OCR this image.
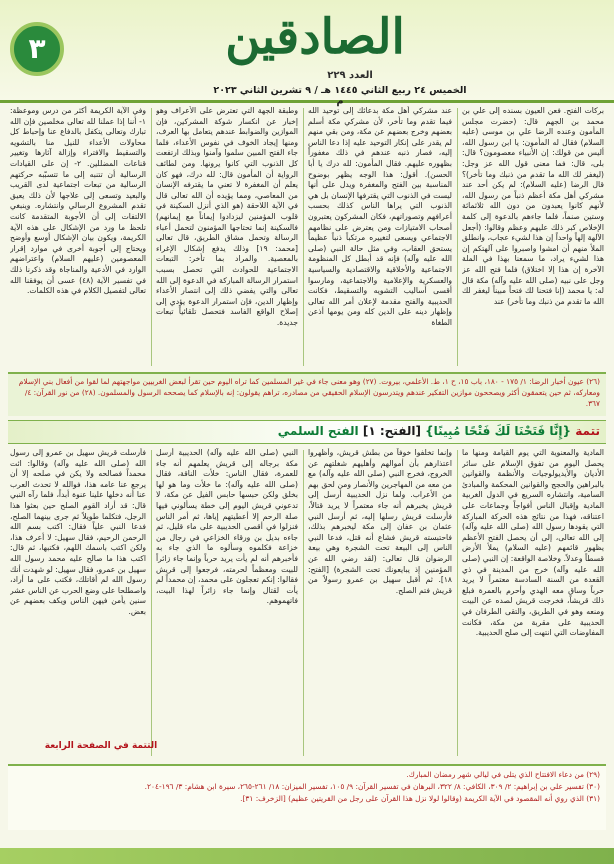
الصادقين
العدد ٢٢٩
الخميس ٢٤ ربيع الثاني ١٤٤٥ هـ / ٩ تشرين الثاني ٢٠٢٣ م
٣
بركات الفتح. فعن العيون بسنده إلى علي بن محمد بن الجهم قال: (حضرت مجلس المأمون وعنده الرضا علي بن موسى (عليه السلام) فقال له المأمون: يا ابن رسول الله، أليس من قولك: إن الأنبياء معصومون؟ قال: بلى، قال: فما معنى قول الله عز وجل: (ليغفر لك الله ما تقدم من ذنبك وما تأخر)؟ قال الرضا (عليه السلام): لم يكن أحد عند مشركي أهل مكة أعظم ذنباً من رسول الله، لأنهم كانوا يعبدون من دون الله ثلاثمائة وستين صنماً، فلما جاءهم بالدعوة إلى كلمة الإخلاص كبر ذلك عليهم وعظم وقالوا: (أجعل الآلهة إلهاً واحداً إن هذا لشيء عجاب، وانطلق الملأ منهم أن امشوا واصبروا على آلهتكم إن هذا لشيء يراد، ما سمعنا بهذا في الملة الآخرة إن هذا إلا اختلاق) فلما فتح الله عز وجل على نبيه (صلى الله عليه وآله) مكة قال له: يا محمد (إنا فتحنا لك فتحاً مبيناً ليغفر لك الله ما تقدم من ذنبك وما تأخر) عند
عند مشركي أهل مكة بدعائك إلى توحيد الله فيما تقدم وما تأخر، لأن مشركي مكة أسلم بعضهم وخرج بعضهم عن مكة، ومن بقي منهم لم يقدر على إنكار التوحيد عليه إذا دعا الناس إليه، فصار ذنبه عندهم في ذلك مغفوراً بظهوره عليهم. فقال المأمون: لله درك يا أبا الحسن). أقول: هذا الوجه يظهر بوضوح المناسبة بين الفتح والمغفرة ويدل على أنها ليست في الذنوب التي يقترفها الإنسان بل هي الذنوب التي يراها الناس كذلك بحسب أعرافهم وتصوراتهم، فكان المشركون يعتبرون أصحاب الامتيازات ومن يعترض على نظامهم الاجتماعي ويسعى لتغييره مرتكباً ذنباً عظيماً يستحق العقاب، وفي مثل حالة النبي (صلى الله عليه وآله) فإنه قد أبطل كل المنظومة الاجتماعية والأخلاقية والاقتصادية والسياسية والعسكرية والإعلامية والاجتماعية، ومارسوا أقسى أساليب التشويه والتسقيط، فكانت الحديبية والفتح مقدمة لإعلان أمر الله تعالى وإظهار دينه على الدين كله ومن يومها أذعن الطغاة
وطبقة الجهة التي تعترض على الأعراف وهو إخبار عن انكسار شوكة المشركين، فإن الموازين والضوابط عندهم يتعامل بها العرف، ومنها إيجاد الخوف في نفوس الأعداء، فلما جاء الفتح المبين سلموا وآمنوا وبذلك ارتفعت كل الذنوب التي كانوا يرونها. ومن لطائف الرواية أن المأمون قال: لله درك، فهو كان يعلم أن المغفرة لا تعني ما يقترفه الإنسان من المعاصي، ومما يؤيده أن الله تعالى قال في الآية اللاحقة (هو الذي أنزل السكينة في قلوب المؤمنين ليزدادوا إيماناً مع إيمانهم) فالسكينة إنما تحتاجها المؤمنون لتحمل أعباء الرسالة وتحمل مشاق الطريق، قال تعالى [محمد: ١٩] وذلك يدفع إشكال الإغراء بالمعصية. والمراد بما تأخر: التبعات الاجتماعية للحوادث التي تحصل بسبب استمرار الرسالة المباركة في الدعوة إلى الله تعالى والتي يفضي ذلك إلى انتصار الأعداء وإظهار الدين، فإن استمرار الدعوة يؤدي إلى إصلاح الواقع الفاسد فتحصل تلقائياً تبعات جديدة.
وفي الآية الكريمة أكثر من درس وموعظة: ١- أننا إذا عملنا لله تعالى مخلصين فإن الله تبارك وتعالى يتكفل بالدفاع عنا وإحباط كل محاولات الأعداء للنيل منا بالتشويه والتسقيط والافتراء وإزالة آثارها وتغيير قناعات المضللين. ٢- إن على القيادات الرسالية أن تتنبه إلى ما تتسبّبه حركتهم الرسالية من تبعات اجتماعية لدى القريب والبعيد وتسعى إلى علاجها لأن ذلك يعيق تقدم المشروع الرسالي وانتشاره. وينبغي الالتفات إلى أن الأجوبة المتقدمة كانت تلحظ ما ورد من الإشكال على هذه الآية الكريمة، ويكون بيان الإشكال أوسع وأوضح ويحتاج إلى أجوبة أخرى في موارد إقرار المعصومين (عليهم السلام) واعتراضهم الوارد في الأدعية والمناجاة وقد ذكرنا ذلك في تفسير الآية (٤٨) عسى أن يوفقنا الله تعالى لتفصيل الكلام في هذه الكلمات.
(٢٦) عيون أخبار الرضا: ١/ ١٧٥ - ١٨٠، باب ١٥، ح ١، ط. الأعلمي، بيروت. (٢٧) وهو معنى جاء في غير المسلمين كما تراه اليوم حين تقرأ لبعض الغربيين مواجهتهم لما لقوا من أفعال بني الإسلام ومعاركه، ثم حين يتعمقون أكثر ويصححون موازين التفكير عندهم ويتدرسون الإسلام الحقيقي من مصادره، تراهم يقولون: إنه بالإسلام كما يصححه الرسول والمسلمون. (٢٨) من نور القرآن: ٤/ ٣٦٧.
تتمة {إِنَّا فَتَحْنَا لَكَ فَتْحًا مُبِينًا} [الفتح: ١] الفتح السلمي
المادية والمعنوية التي يوم القيامة ومنها ما يحصل اليوم من تفوق الإسلام على سائر الأديان والأيديولوجيات والأنظمة والقوانين بالبراهين والحجج والقوانين المحكمة والمبادئ السامية، وانتشاره السريع في الدول الغربية المادية وإقبال الناس أفواجاً وجماعات على اعتناقه، فهذا من نتائج هذه الحركة المباركة التي يقودها رسول الله (صلى الله عليه وآله) إلى الله تعالى، إلى أن يحصل الفتح الأعظم يظهور قائمهم (عليه السلام) يملأ الأرض قسطاً وعدلاً. وخلاصة الواقعة: إن النبي (صلى الله عليه وآله) خرج من المدينة في ذي القعدة من السنة السادسة معتمراً لا يريد حرباً وساق معه الهدي وأحرم بالعمرة فبلغ ذلك قريشاً، فخرجت قريش لصده عن البيت ومنعه وهو في الطريق، والتقى الطرفان في الحديبية على مقربة من مكة، فكانت المفاوضات التي انتهت إلى صلح الحديبية.
وإنما تخلفوا خوفاً من بطش قريش، وأظهروا اعتذارهم بأن أموالهم وأهليهم شغلتهم عن الخروج، فخرج النبي (صلى الله عليه وآله) مع من معه من المهاجرين والأنصار ومن لحق بهم من الأعراب. ولما نزل الحديبية أرسل إلى قريش يخبرهم أنه جاء معتمراً لا يريد قتالاً، فأرسلت قريش رسلها إليه، ثم أرسل النبي عثمان بن عفان إلى مكة ليخبرهم بذلك، فاحتبسته قريش فشاع أنه قتل، فدعا النبي الناس إلى البيعة تحت الشجرة وهي بيعة الرضوان قال تعالى: (لقد رضي الله عن المؤمنين إذ يبايعونك تحت الشجرة) [الفتح: ١٨]. ثم أقبل سهيل بن عمرو رسولاً من قريش فتم الصلح.
النبي (صلى الله عليه وآله) الحديبية أرسل مكة برجاله إلى قريش يعلمهم أنه جاء للعمرة، فقال الناس: خلأت الناقة، فقال (صلى الله عليه وآله): ما خلأت وما هو لها بخلق ولكن حبسها حابس الفيل عن مكة، لا تدعوني قريش اليوم إلى خطة يسألوني فيها صلة الرحم إلا أعطيتهم إياها، ثم أمر الناس فنزلوا في أقصى الحديبية على ماء قليل، ثم جاءه بديل بن ورقاء الخزاعي في رجال من خزاعة فكلموه وسألوه ما الذي جاء به فأخبرهم أنه لم يأت يريد حرباً وإنما جاء زائراً للبيت ومعظماً لحرمته، فرجعوا إلى قريش فقالوا: إنكم تعجلون على محمد، إن محمداً لم يأت لقتال وإنما جاء زائراً لهذا البيت، فاتهموهم.
فأرسلت قريش سهيل بن عمرو إلى رسول الله (صلى الله عليه وآله) وقالوا: ائت محمداً فصالحه ولا يكن في صلحه إلا أن يرجع عنا عامه هذا، فوالله لا تحدث العرب عنا أنه دخلها علينا عنوة أبداً، فلما رآه النبي قال: قد أراد القوم الصلح حين بعثوا هذا الرجل، فتكلما طويلاً ثم جرى بينهما الصلح، فدعا النبي علياً فقال: اكتب بسم الله الرحمن الرحيم، فقال سهيل: لا أعرف هذا، ولكن اكتب باسمك اللهم، فكتبها، ثم قال: اكتب هذا ما صالح عليه محمد رسول الله سهيل بن عمرو، فقال سهيل: لو شهدت أنك رسول الله لم أقاتلك، فكتب على ما أراد، واصطلحا على وضع الحرب عن الناس عشر سنين يأمن فيهن الناس ويكف بعضهم عن بعض.
التتمة في الصفحة الرابعة
(٢٩) من دعاء الافتتاح الذي يتلى في ليالي شهر رمضان المبارك.
(٣٠) تفسير علي بن إبراهيم: ٢/ ٣٠٩، الكافي: ٨/ ٣٢٢، البرهان في تفسير القرآن: ٩/ ١٠٥، تفسير الميزان: ١٨/ ٢٦١-٢٦٥، سيرة ابن هشام: ٣/ ١٩٦-٢٠٤.
(٣١) الذي روي أنه المقصود في الآية الكريمة (وقالوا لولا نزل هذا القرآن على رجل من القريتين عظيم) [الزخرف: ٣١].
